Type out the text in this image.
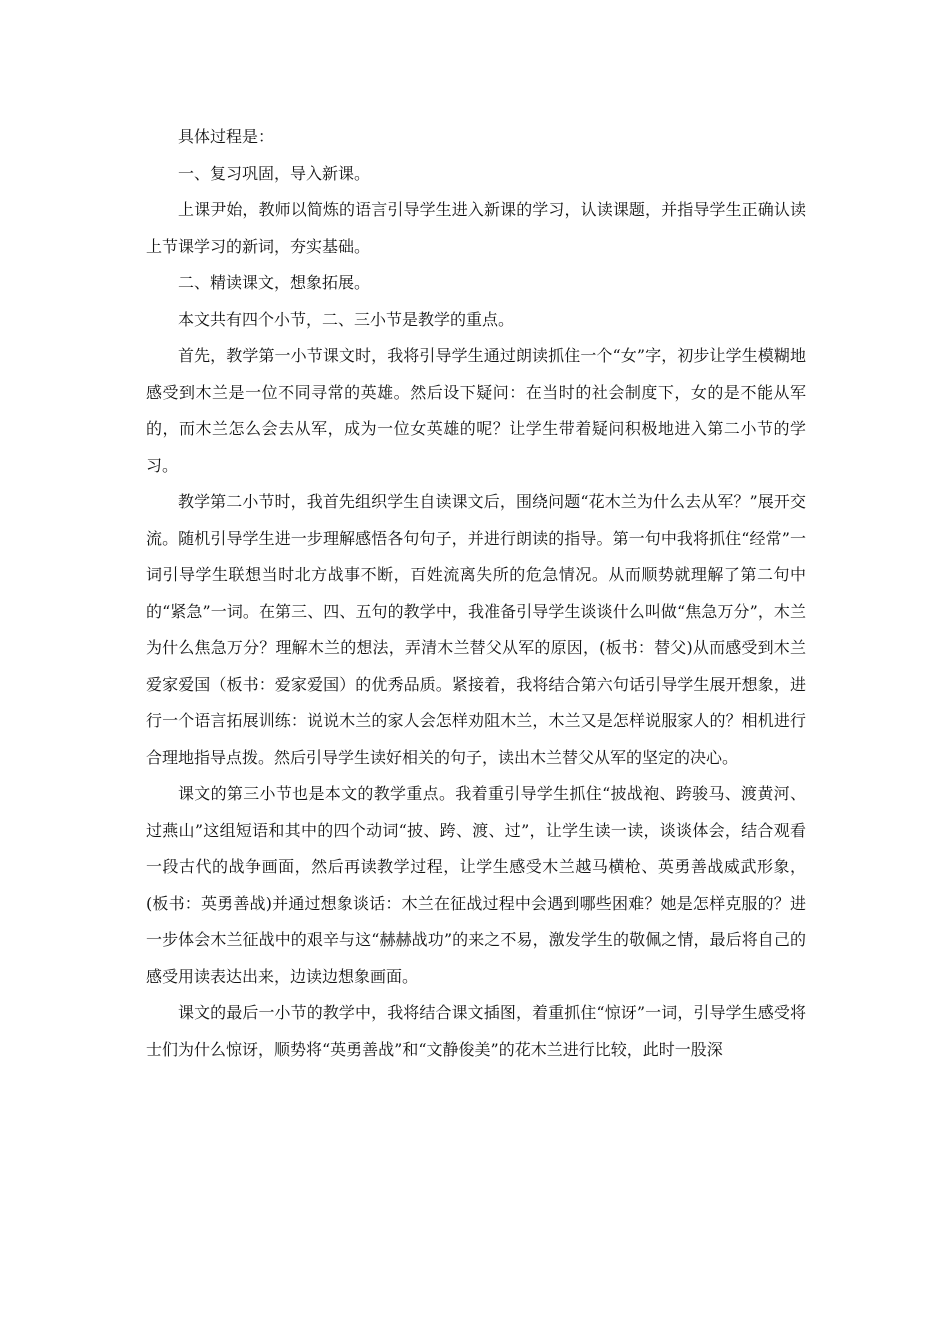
具体过程是：

一、复习巩固，导入新课。

上课尹始，教师以简炼的语言引导学生进入新课的学习，认读课题，并指导学生正确认读上节课学习的新词，夯实基础。

二、精读课文，想象拓展。

本文共有四个小节，二、三小节是教学的重点。

首先，教学第一小节课文时，我将引导学生通过朗读抓住一个“女”字，初步让学生模糊地感受到木兰是一位不同寻常的英雄。然后设下疑问：在当时的社会制度下，女的是不能从军的，而木兰怎么会去从军，成为一位女英雄的呢？让学生带着疑问积极地进入第二小节的学习。

教学第二小节时，我首先组织学生自读课文后，围绕问题“花木兰为什么去从军？”展开交流。随机引导学生进一步理解感悟各句句子，并进行朗读的指导。第一句中我将抓住“经常”一词引导学生联想当时北方战事不断，百姓流离失所的危急情况。从而顺势就理解了第二句中的“紧急”一词。在第三、四、五句的教学中，我准备引导学生谈谈什么叫做“焦急万分”，木兰为什么焦急万分？理解木兰的想法，弄清木兰替父从军的原因，(板书：替父)从而感受到木兰爱家爱国（板书：爱家爱国）的优秀品质。紧接着，我将结合第六句话引导学生展开想象，进行一个语言拓展训练：说说木兰的家人会怎样劝阻木兰，木兰又是怎样说服家人的？相机进行合理地指导点拨。然后引导学生读好相关的句子，读出木兰替父从军的坚定的决心。

课文的第三小节也是本文的教学重点。我着重引导学生抓住“披战袍、跨骏马、渡黄河、过燕山”这组短语和其中的四个动词“披、跨、渡、过”，让学生读一读，谈谈体会，结合观看一段古代的战争画面，然后再读教学过程，让学生感受木兰越马横枪、英勇善战威武形象，(板书：英勇善战)并通过想象谈话：木兰在征战过程中会遇到哪些困难？她是怎样克服的？进一步体会木兰征战中的艰辛与这“赫赫战功”的来之不易，激发学生的敬佩之情，最后将自己的感受用读表达出来，边读边想象画面。

课文的最后一小节的教学中，我将结合课文插图，着重抓住“惊讶”一词，引导学生感受将士们为什么惊讶，顺势将“英勇善战”和“文静俊美”的花木兰进行比较，此时一股深
